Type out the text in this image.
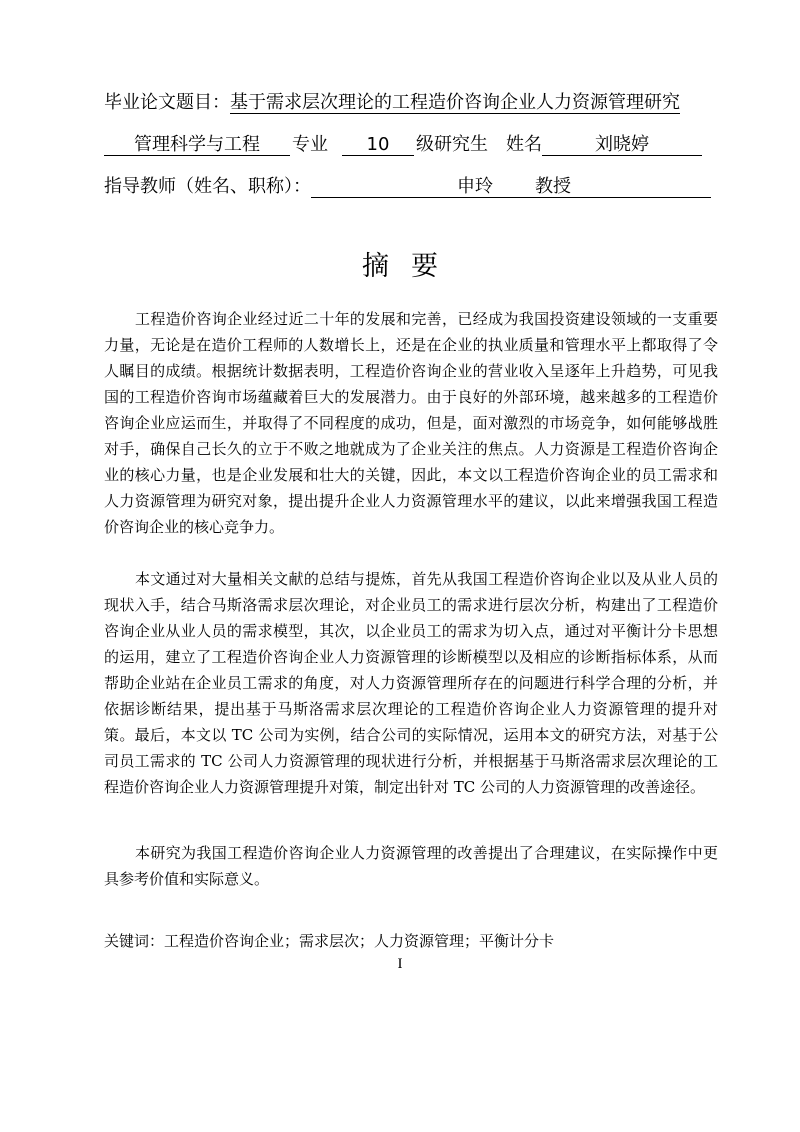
毕业论文题目：基于需求层次理论的工程造价咨询企业人力资源管理研究
管理科学与工程 专业 10 级研究生 姓名	刘晓婷
指导教师（姓名、职称）：	申玲 教授
摘要

工程造价咨询企业经过近二十年的发展和完善，已经成为我国投资建设领域的一支重要力量，无论是在造价工程师的人数增长上，还是在企业的执业质量和管理水平上都取得了令人瞩目的成绩。根据统计数据表明，工程造价咨询企业的营业收入呈逐年上升趋势，可见我国的工程造价咨询市场蕴藏着巨大的发展潜力。由于良好的外部环境，越来越多的工程造价咨询企业应运而生，并取得了不同程度的成功，但是，面对激烈的市场竞争，如何能够战胜对手，确保自己长久的立于不败之地就成为了企业关注的焦点。人力资源是工程造价咨询企业的核心力量，也是企业发展和壮大的关键，因此，本文以工程造价咨询企业的员工需求和人力资源管理为研究对象，提出提升企业人力资源管理水平的建议，以此来增强我国工程造价咨询企业的核心竞争力。

本文通过对大量相关文献的总结与提炼，首先从我国工程造价咨询企业以及从业人员的现状入手，结合马斯洛需求层次理论，对企业员工的需求进行层次分析，构建出了工程造价咨询企业从业人员的需求模型，其次，以企业员工的需求为切入点，通过对平衡计分卡思想的运用，建立了工程造价咨询企业人力资源管理的诊断模型以及相应的诊断指标体系，从而帮助企业站在企业员工需求的角度，对人力资源管理所存在的问题进行科学合理的分析，并依据诊断结果，提出基于马斯洛需求层次理论的工程造价咨询企业人力资源管理的提升对策。最后，本文以 TC 公司为实例，结合公司的实际情况，运用本文的研究方法，对基于公司员工需求的 TC 公司人力资源管理的现状进行分析，并根据基于马斯洛需求层次理论的工程造价咨询企业人力资源管理提升对策，制定出针对 TC 公司的人力资源管理的改善途径。

本研究为我国工程造价咨询企业人力资源管理的改善提出了合理建议，在实际操作中更具参考价值和实际意义。

关键词：工程造价咨询企业；需求层次；人力资源管理；平衡计分卡
I
